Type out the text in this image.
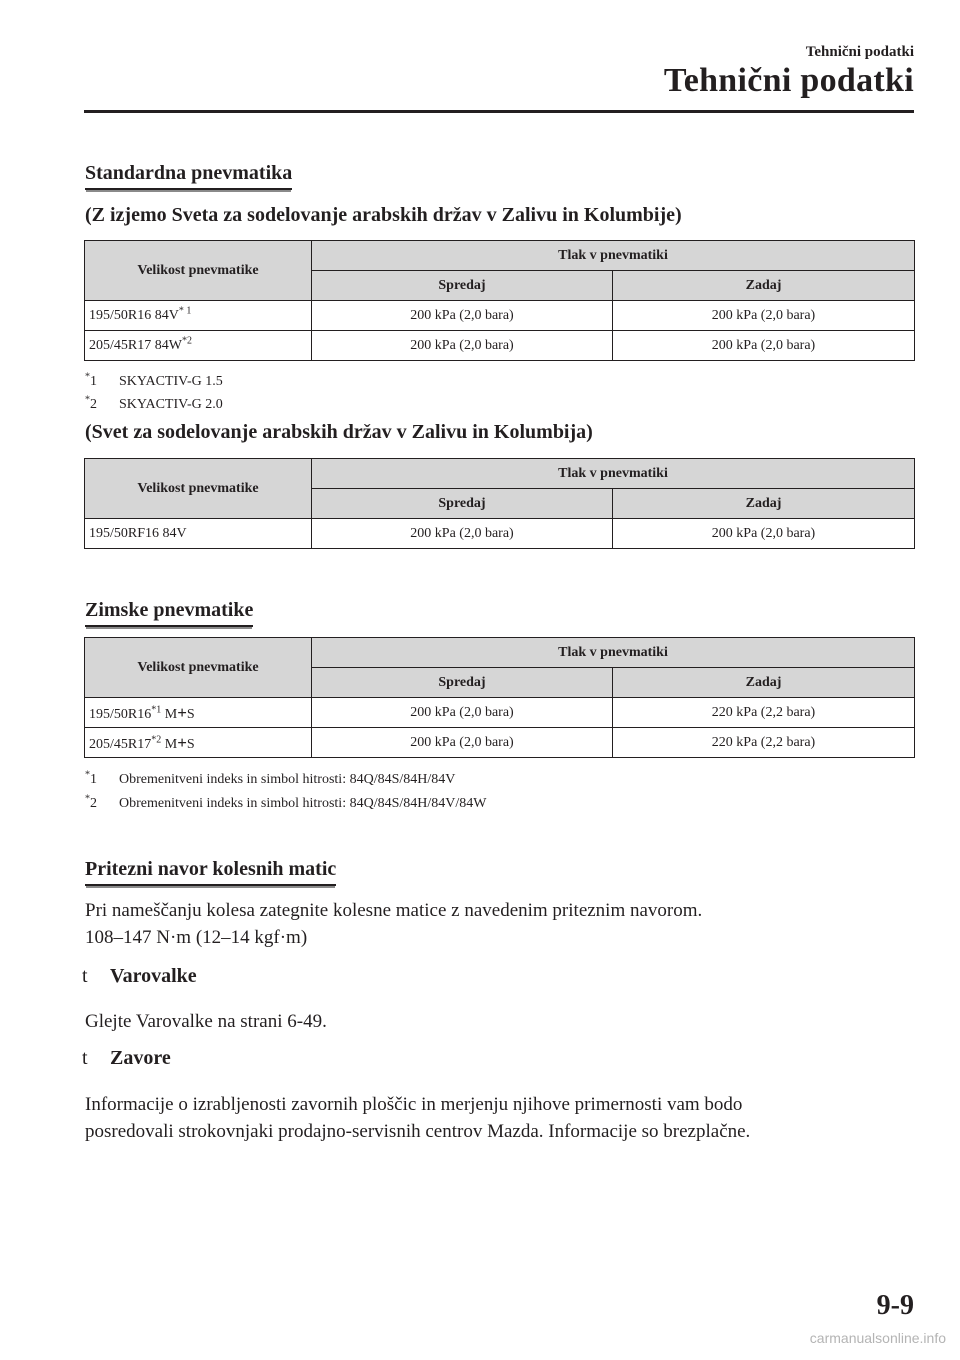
Tehnični podatki
Tehnični podatki
Standardna pnevmatika
(Z izjemo Sveta za sodelovanje arabskih držav v Zalivu in Kolumbije)
Velikost pnevmatike	Tlak v pnevmatiki	
	Spredaj	Zadaj
195/50R16 $84V^{* 1}$	200 kPa (2,0 bara)	200 kPa (2,0 bara)
205/45R17 $84W^{*2}$	200 kPa (2,0 bara)	200 kPa (2,0 bara)
*1 SKYACTIV-G 1.5
*2 SKYACTIV-G 2.0
(Svet za sodelovanje arabskih držav v Zalivu in Kolumbija)
Velikost pnevmatike	Tlak v pnevmatiki	
	Spredaj	Zadaj
195/50RF16 84V	200 kPa (2,0 bara)	200 kPa (2,0 bara)
Zimske pnevmatike
Velikost pnevmatike	Tlak v pnevmatiki	
	Spredaj	Zadaj
195/50R16$^{*1}$ M+S	200 kPa (2,0 bara)	220 kPa (2,2 bara)
205/45R17$^{*2}$ M+S	200 kPa (2,0 bara)	220 kPa (2,2 bara)
*1 Obremenitveni indeks in simbol hitrosti: 84Q/84S/84H/84V
*2 Obremenitveni indeks in simbol hitrosti: 84Q/84S/84H/84V/84W
Pritezni navor kolesnih matic
Pri nameščanju kolesa zategnite kolesne matice z navedenim priteznim navorom.
108–147 N·m (12–14 kgf·m)
t Varovalke
Glejte Varovalke na strani 6-49.
t Zavore
Informacije o izrabljenosti zavornih ploščic in merjenju njihove primernosti vam bodo
posredovali strokovnjaki prodajno-servisnih centrov Mazda. Informacije so brezplačne.
9-9
carmanualsonline.info
